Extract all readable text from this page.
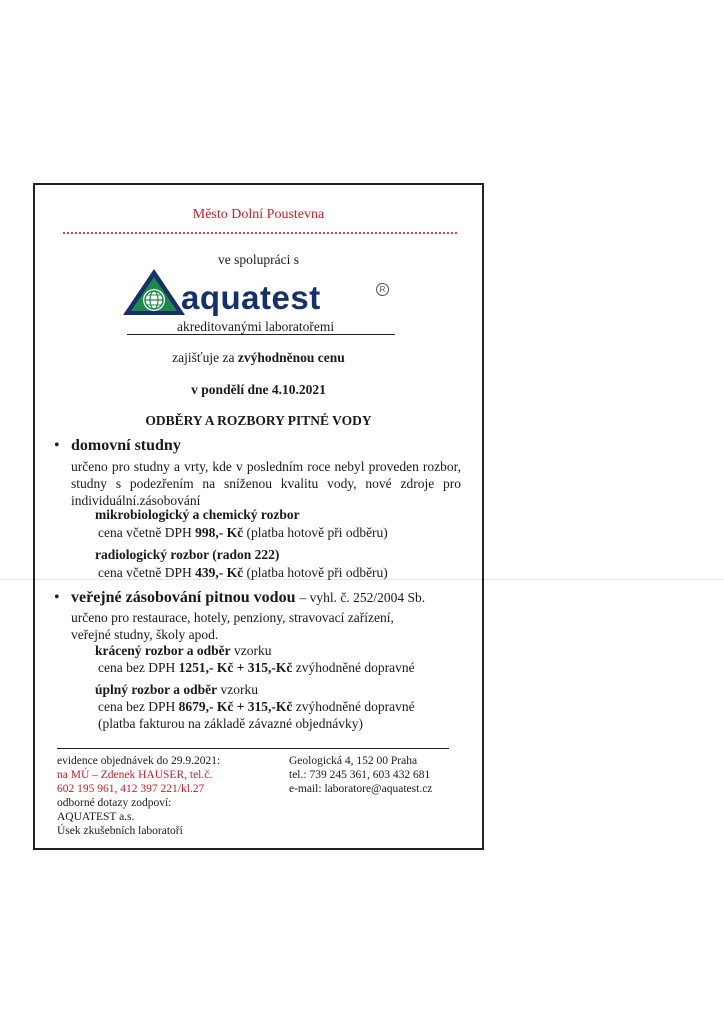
Město Dolní Poustevna
ve spolupráci s
aquatest	R
akreditovanými laboratořemi
zajišťuje za zvýhodněnou cenu
v pondělí dne 4.10.2021
ODBĚRY A ROZBORY PITNÉ VODY
• domovní studny
určeno pro studny a vrty, kde v posledním roce nebyl proveden rozbor, studny s podezřením na sníženou kvalitu vody, nové zdroje pro individuální.zásobování
mikrobiologický a chemický rozbor
cena včetně DPH 998,- Kč (platba hotově při odběru)
radiologický rozbor (radon 222)
cena včetně DPH 439,- Kč (platba hotově při odběru)
• veřejné zásobování pitnou vodou – vyhl. č. 252/2004 Sb.
určeno pro restaurace, hotely, penziony, stravovací zařízení, veřejné studny, školy apod.
krácený rozbor a odběr vzorku
cena bez DPH 1251,- Kč + 315,-Kč zvýhodněné dopravné
úplný rozbor a odběr vzorku
cena bez DPH 8679,- Kč + 315,-Kč zvýhodněné dopravné
(platba fakturou na základě závazné objednávky)
evidence objednávek do 29.9.2021:
na MÚ – Zdenek HAUSER, tel.č.
602 195 961, 412 397 221/kl.27
odborné dotazy zodpoví:
AQUATEST a.s.
Úsek zkušebních laboratoří
Geologická 4, 152 00 Praha
tel.: 739 245 361, 603 432 681
e-mail: laboratore@aquatest.cz
